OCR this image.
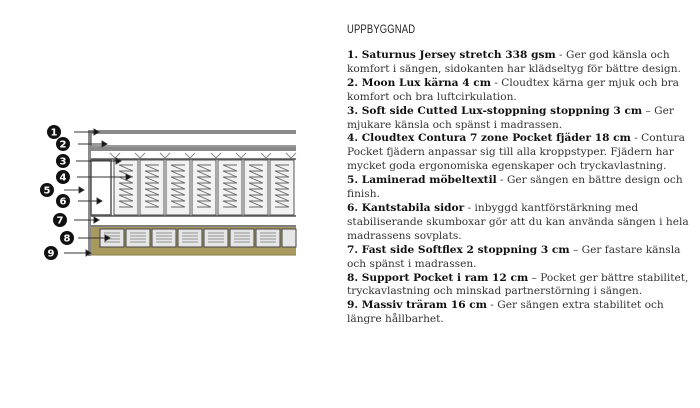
1
2
3
4
5
6
7
8
9
UPPBYGGNAD

1. Saturnus Jersey stretch 338 gsm - Ger god känsla och komfort i sängen, sidokanten har klädseltyg för bättre design.

2. Moon Lux kärna 4 cm - Cloudtex kärna ger mjuk och bra komfort och bra luftcirkulation.

3. Soft side Cutted Lux-stoppning stoppning 3 cm – Ger mjukare känsla och spänst i madrassen.

4. Cloudtex Contura 7 zone Pocket fjäder 18 cm - Contura Pocket fjädern anpassar sig till alla kroppstyper. Fjädern har mycket goda ergonomiska egenskaper och tryckavlastning.

5. Laminerad möbeltextil - Ger sängen en bättre design och finish.

6. Kantstabila sidor - inbyggd kantförstärkning med stabiliserande skumboxar gör att du kan använda sängen i hela madrassens sovplats.

7. Fast side Softflex 2 stoppning 3 cm – Ger fastare känsla och spänst i madrassen.

8. Support Pocket i ram 12 cm – Pocket ger bättre stabilitet, tryckavlastning och minskad partnerstörning i sängen.

9. Massiv träram 16 cm - Ger sängen extra stabilitet och längre hållbarhet.
